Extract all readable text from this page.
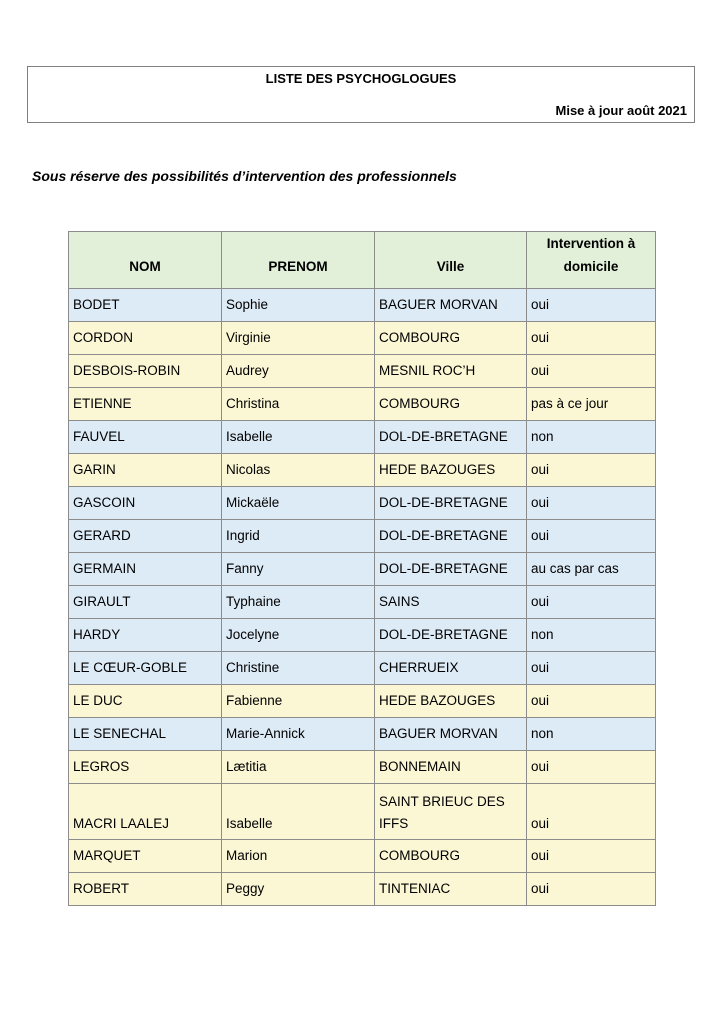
LISTE DES PSYCHOGLOGUES
Mise à jour août 2021
Sous réserve des possibilités d’intervention des professionnels
NOM	PRENOM	Ville	Intervention à domicile
BODET	Sophie	BAGUER MORVAN	oui
CORDON	Virginie	COMBOURG	oui
DESBOIS-ROBIN	Audrey	MESNIL ROC’H	oui
ETIENNE	Christina	COMBOURG	pas à ce jour
FAUVEL	Isabelle	DOL-DE-BRETAGNE	non
GARIN	Nicolas	HEDE BAZOUGES	oui
GASCOIN	Mickaële	DOL-DE-BRETAGNE	oui
GERARD	Ingrid	DOL-DE-BRETAGNE	oui
GERMAIN	Fanny	DOL-DE-BRETAGNE	au cas par cas
GIRAULT	Typhaine	SAINS	oui
HARDY	Jocelyne	DOL-DE-BRETAGNE	non
LE CŒUR-GOBLE	Christine	CHERRUEIX	oui
LE DUC	Fabienne	HEDE BAZOUGES	oui
LE SENECHAL	Marie-Annick	BAGUER MORVAN	non
LEGROS	Lætitia	BONNEMAIN	oui
MACRI LAALEJ	Isabelle	SAINT BRIEUC DES IFFS	oui
MARQUET	Marion	COMBOURG	oui
ROBERT	Peggy	TINTENIAC	oui
